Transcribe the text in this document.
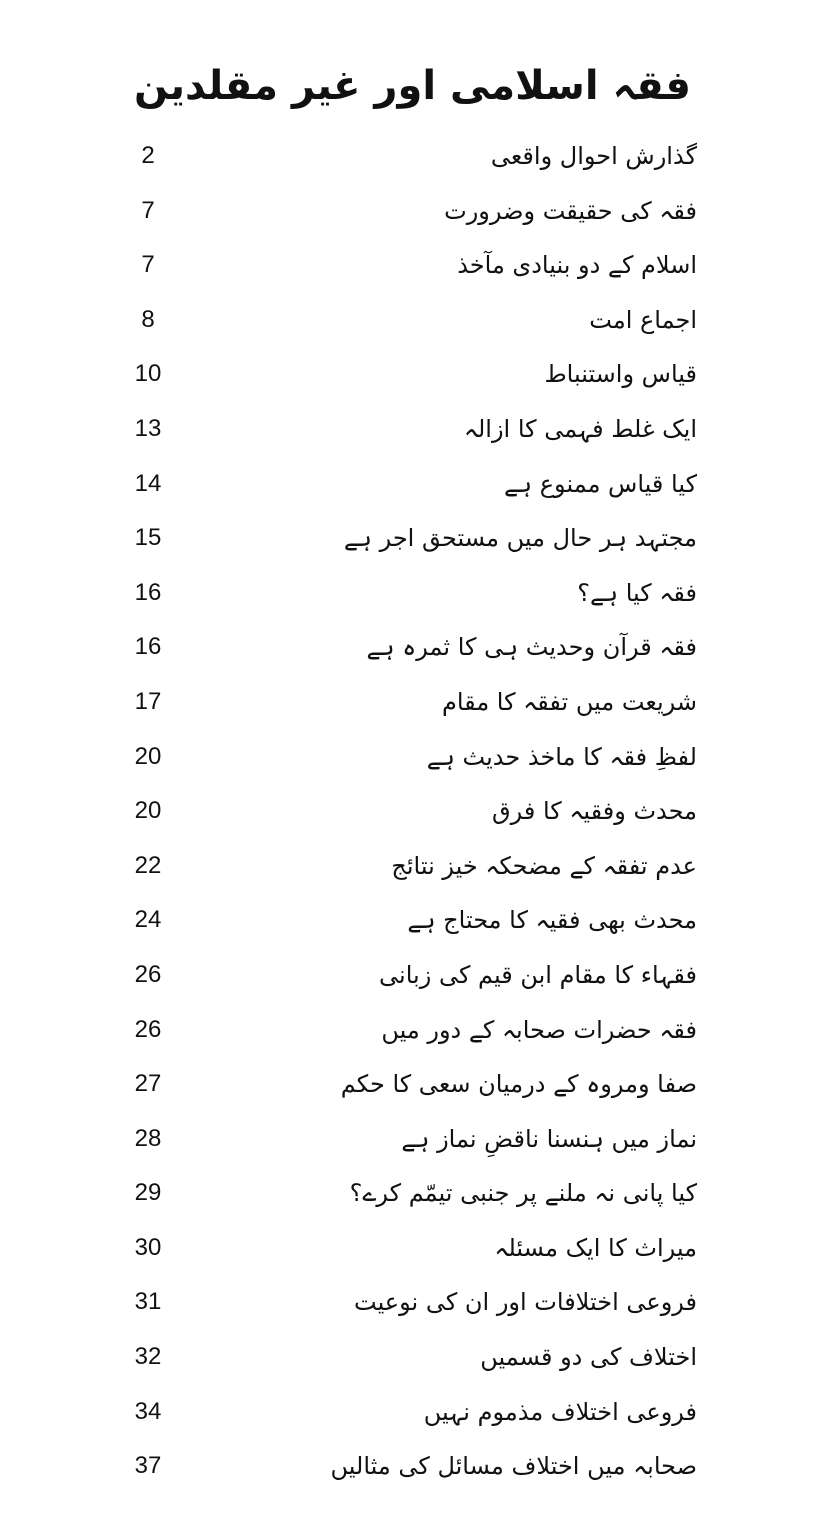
فقہ اسلامی اور غیر مقلدین
گذارش احوال واقعی
2
فقہ کی حقیقت وضرورت
7
اسلام کے دو بنیادی مآخذ
7
اجماع امت
8
قیاس واستنباط
10
ایک غلط فہمی کا ازالہ
13
کیا قیاس ممنوع ہے
14
مجتہد ہر حال میں مستحق اجر ہے
15
فقہ کیا ہے؟
16
فقہ قرآن وحدیث ہی کا ثمرہ ہے
16
شریعت میں تفقہ کا مقام
17
لفظِ فقہ کا ماخذ حدیث ہے
20
محدث وفقیہ کا فرق
20
عدم تفقہ کے مضحکہ خیز نتائج
22
محدث بھی فقیہ کا محتاج ہے
24
فقہاء کا مقام ابن قیم کی زبانی
26
فقہ حضرات صحابہ کے دور میں
26
صفا ومروہ کے درمیان سعی کا حکم
27
نماز میں ہنسنا ناقضِ نماز ہے
28
کیا پانی نہ ملنے پر جنبی تیمّم کرے؟
29
میراث کا ایک مسئلہ
30
فروعی اختلافات اور ان کی نوعیت
31
اختلاف کی دو قسمیں
32
فروعی اختلاف مذموم نہیں
34
صحابہ میں اختلاف مسائل کی مثالیں
37
